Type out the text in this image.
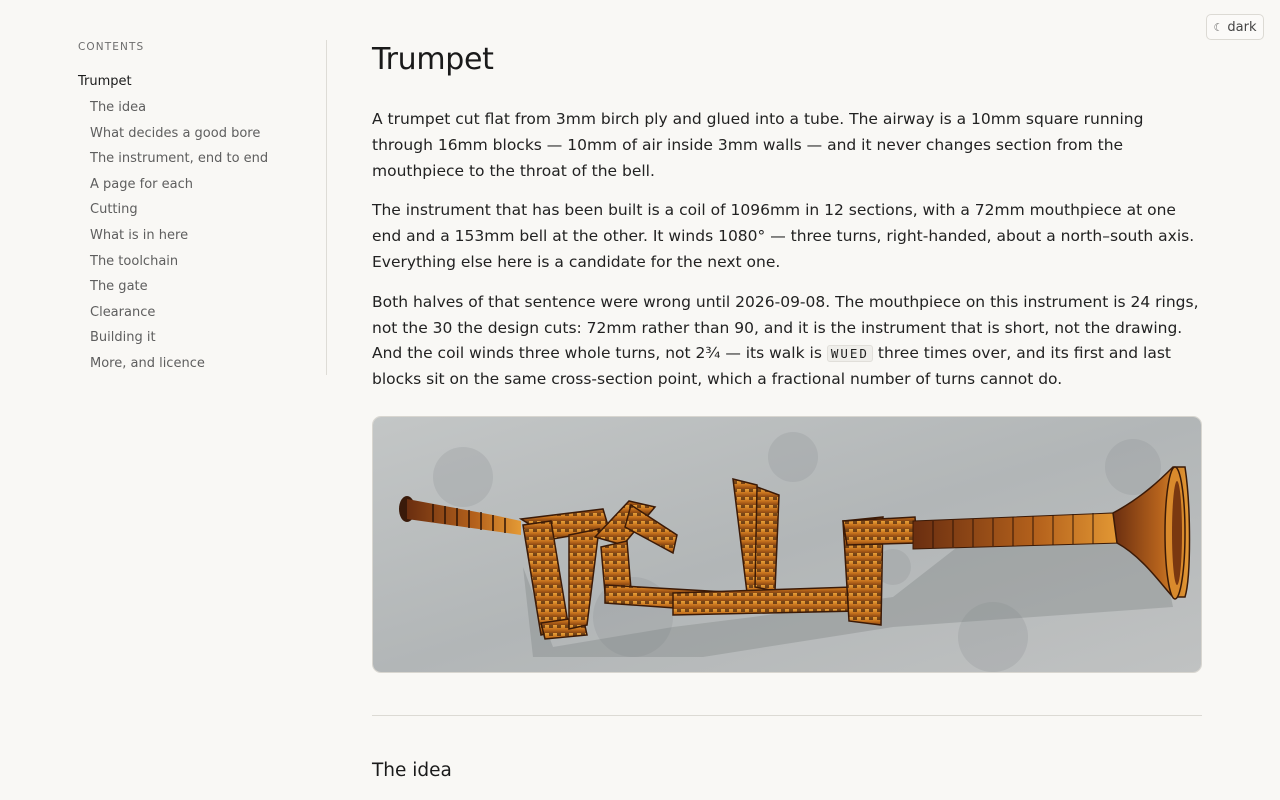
☾ dark
CONTENTS
Trumpet
The idea
What decides a good bore
The instrument, end to end
A page for each
Cutting
What is in here
The toolchain
The gate
Clearance
Building it
More, and licence
Trumpet

A trumpet cut flat from 3mm birch ply and glued into a tube. The airway is a 10mm square running through 16mm blocks — 10mm of air inside 3mm walls — and it never changes section from the mouthpiece to the throat of the bell.

The instrument that has been built is a coil of 1096mm in 12 sections, with a 72mm mouthpiece at one end and a 153mm bell at the other. It winds 1080° — three turns, right-handed, about a north–south axis. Everything else here is a candidate for the next one.

Both halves of that sentence were wrong until 2026-09-08. The mouthpiece on this instrument is 24 rings, not the 30 the design cuts: 72mm rather than 90, and it is the instrument that is short, not the drawing. And the coil winds three whole turns, not 2¾ — its walk is WUED three times over, and its first and last blocks sit on the same cross-section point, which a fractional number of turns cannot do.

The idea
